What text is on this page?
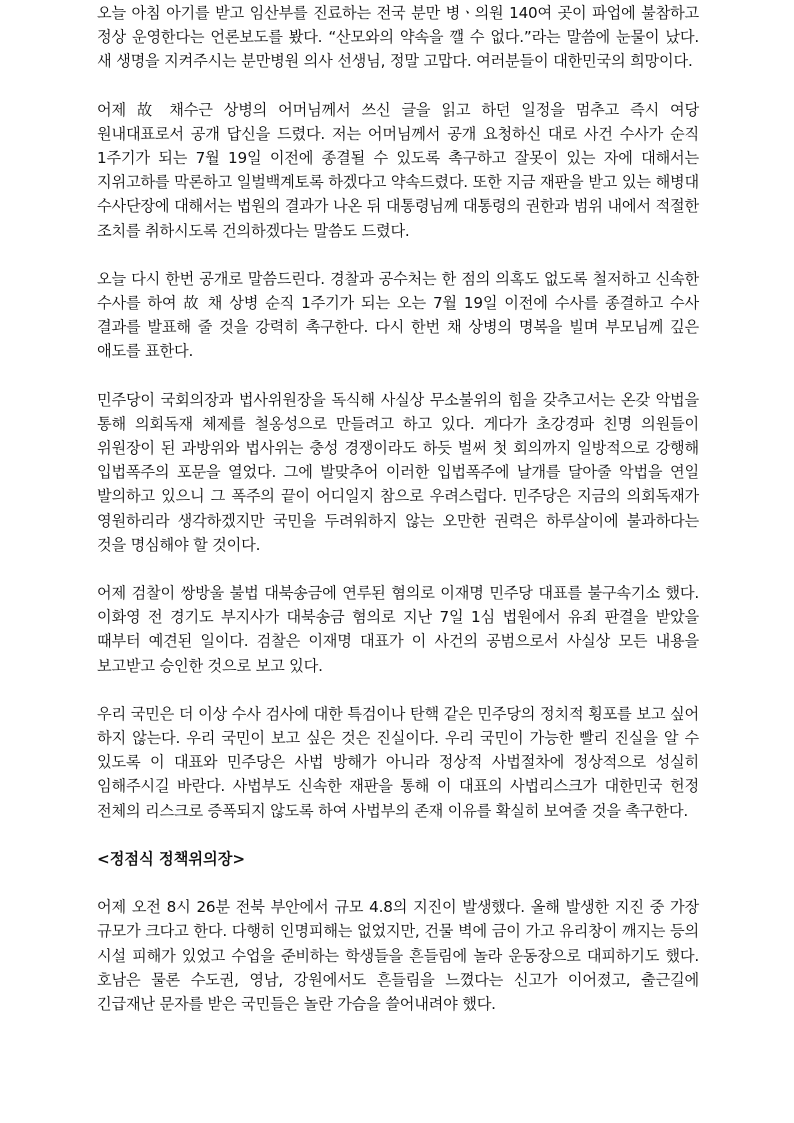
오늘 아침 아기를 받고 임산부를 진료하는 전국 분만 병ㆍ의원 140여 곳이 파업에 불참하고 정상 운영한다는 언론보도를 봤다. “산모와의 약속을 깰 수 없다.”라는 말씀에 눈물이 났다. 새 생명을 지켜주시는 분만병원 의사 선생님, 정말 고맙다. 여러분들이 대한민국의 희망이다.

어제 故 채수근 상병의 어머님께서 쓰신 글을 읽고 하던 일정을 멈추고 즉시 여당 원내대표로서 공개 답신을 드렸다. 저는 어머님께서 공개 요청하신 대로 사건 수사가 순직 1주기가 되는 7월 19일 이전에 종결될 수 있도록 촉구하고 잘못이 있는 자에 대해서는 지위고하를 막론하고 일벌백계토록 하겠다고 약속드렸다. 또한 지금 재판을 받고 있는 해병대 수사단장에 대해서는 법원의 결과가 나온 뒤 대통령님께 대통령의 권한과 범위 내에서 적절한 조치를 취하시도록 건의하겠다는 말씀도 드렸다.

오늘 다시 한번 공개로 말씀드린다. 경찰과 공수처는 한 점의 의혹도 없도록 철저하고 신속한 수사를 하여 故 채 상병 순직 1주기가 되는 오는 7월 19일 이전에 수사를 종결하고 수사 결과를 발표해 줄 것을 강력히 촉구한다. 다시 한번 채 상병의 명복을 빌며 부모님께 깊은 애도를 표한다.

민주당이 국회의장과 법사위원장을 독식해 사실상 무소불위의 힘을 갖추고서는 온갖 악법을 통해 의회독재 체제를 철옹성으로 만들려고 하고 있다. 게다가 초강경파 친명 의원들이 위원장이 된 과방위와 법사위는 충성 경쟁이라도 하듯 벌써 첫 회의까지 일방적으로 강행해 입법폭주의 포문을 열었다. 그에 발맞추어 이러한 입법폭주에 날개를 달아줄 악법을 연일 발의하고 있으니 그 폭주의 끝이 어디일지 참으로 우려스럽다. 민주당은 지금의 의회독재가 영원하리라 생각하겠지만 국민을 두려워하지 않는 오만한 권력은 하루살이에 불과하다는 것을 명심해야 할 것이다.

어제 검찰이 쌍방울 불법 대북송금에 연루된 혐의로 이재명 민주당 대표를 불구속기소 했다. 이화영 전 경기도 부지사가 대북송금 혐의로 지난 7일 1심 법원에서 유죄 판결을 받았을 때부터 예견된 일이다. 검찰은 이재명 대표가 이 사건의 공범으로서 사실상 모든 내용을 보고받고 승인한 것으로 보고 있다.

우리 국민은 더 이상 수사 검사에 대한 특검이나 탄핵 같은 민주당의 정치적 횡포를 보고 싶어 하지 않는다. 우리 국민이 보고 싶은 것은 진실이다. 우리 국민이 가능한 빨리 진실을 알 수 있도록 이 대표와 민주당은 사법 방해가 아니라 정상적 사법절차에 정상적으로 성실히 임해주시길 바란다. 사법부도 신속한 재판을 통해 이 대표의 사법리스크가 대한민국 헌정 전체의 리스크로 증폭되지 않도록 하여 사법부의 존재 이유를 확실히 보여줄 것을 촉구한다.

<정점식 정책위의장>

어제 오전 8시 26분 전북 부안에서 규모 4.8의 지진이 발생했다. 올해 발생한 지진 중 가장 규모가 크다고 한다. 다행히 인명피해는 없었지만, 건물 벽에 금이 가고 유리창이 깨지는 등의 시설 피해가 있었고 수업을 준비하는 학생들을 흔들림에 놀라 운동장으로 대피하기도 했다. 호남은 물론 수도권, 영남, 강원에서도 흔들림을 느꼈다는 신고가 이어졌고, 출근길에 긴급재난 문자를 받은 국민들은 놀란 가슴을 쓸어내려야 했다.
